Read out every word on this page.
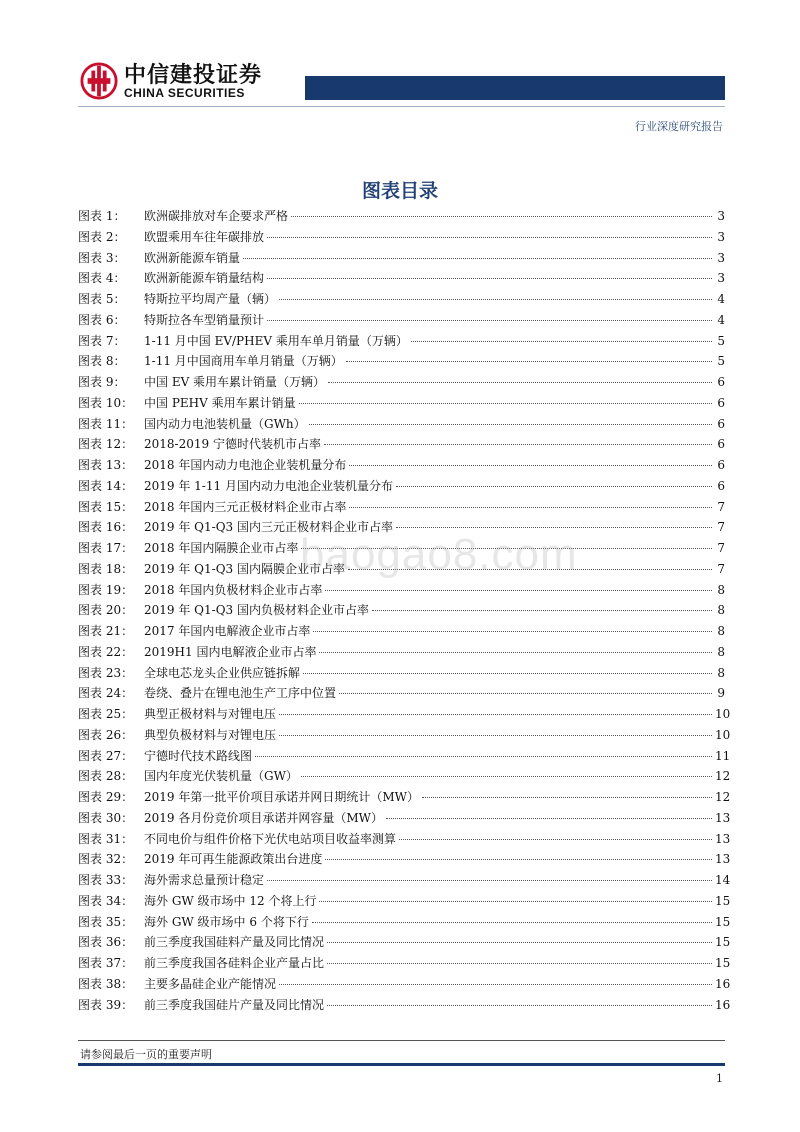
中信建投证券
CHINA SECURITIES
行业深度研究报告
图表目录
图表 1：	欧洲碳排放对车企要求严格	3
图表 2：	欧盟乘用车往年碳排放	3
图表 3：	欧洲新能源车销量	3
图表 4：	欧洲新能源车销量结构	3
图表 5：	特斯拉平均周产量（辆）	4
图表 6：	特斯拉各车型销量预计	4
图表 7：	1-11 月中国 EV/PHEV 乘用车单月销量（万辆）	5
图表 8：	1-11 月中国商用车单月销量（万辆）	5
图表 9：	中国 EV 乘用车累计销量（万辆）	6
图表 10： 中国 PEHV 乘用车累计销量	6
图表 11： 国内动力电池装机量（GWh）	6
图表 12： 2018-2019 宁德时代装机市占率	6
图表 13： 2018 年国内动力电池企业装机量分布	6
图表 14： 2019 年 1-11 月国内动力电池企业装机量分布	6
图表 15： 2018 年国内三元正极材料企业市占率	7
图表 16： 2019 年 Q1-Q3 国内三元正极材料企业市占率	7
图表 17： 2018 年国内隔膜企业市占率	7
图表 18： 2019 年 Q1-Q3 国内隔膜企业市占率	7
图表 19： 2018 年国内负极材料企业市占率	8
图表 20： 2019 年 Q1-Q3 国内负极材料企业市占率	8
图表 21： 2017 年国内电解液企业市占率	8
图表 22： 2019H1 国内电解液企业市占率	8
图表 23： 全球电芯龙头企业供应链拆解	8
图表 24： 卷绕、叠片在锂电池生产工序中位置	9
图表 25： 典型正极材料与对锂电压	10
图表 26： 典型负极材料与对锂电压	10
图表 27： 宁德时代技术路线图	11
图表 28： 国内年度光伏装机量（GW）	12
图表 29： 2019 年第一批平价项目承诺并网日期统计（MW）	12
图表 30： 2019 各月份竞价项目承诺并网容量（MW）	13
图表 31： 不同电价与组件价格下光伏电站项目收益率测算	13
图表 32： 2019 年可再生能源政策出台进度	13
图表 33： 海外需求总量预计稳定	14
图表 34： 海外 GW 级市场中 12 个将上行	15
图表 35： 海外 GW 级市场中 6 个将下行	15
图表 36： 前三季度我国硅料产量及同比情况	15
图表 37： 前三季度我国各硅料企业产量占比	15
图表 38： 主要多晶硅企业产能情况	16
图表 39： 前三季度我国硅片产量及同比情况	16
baogao8.com
请参阅最后一页的重要声明
1
